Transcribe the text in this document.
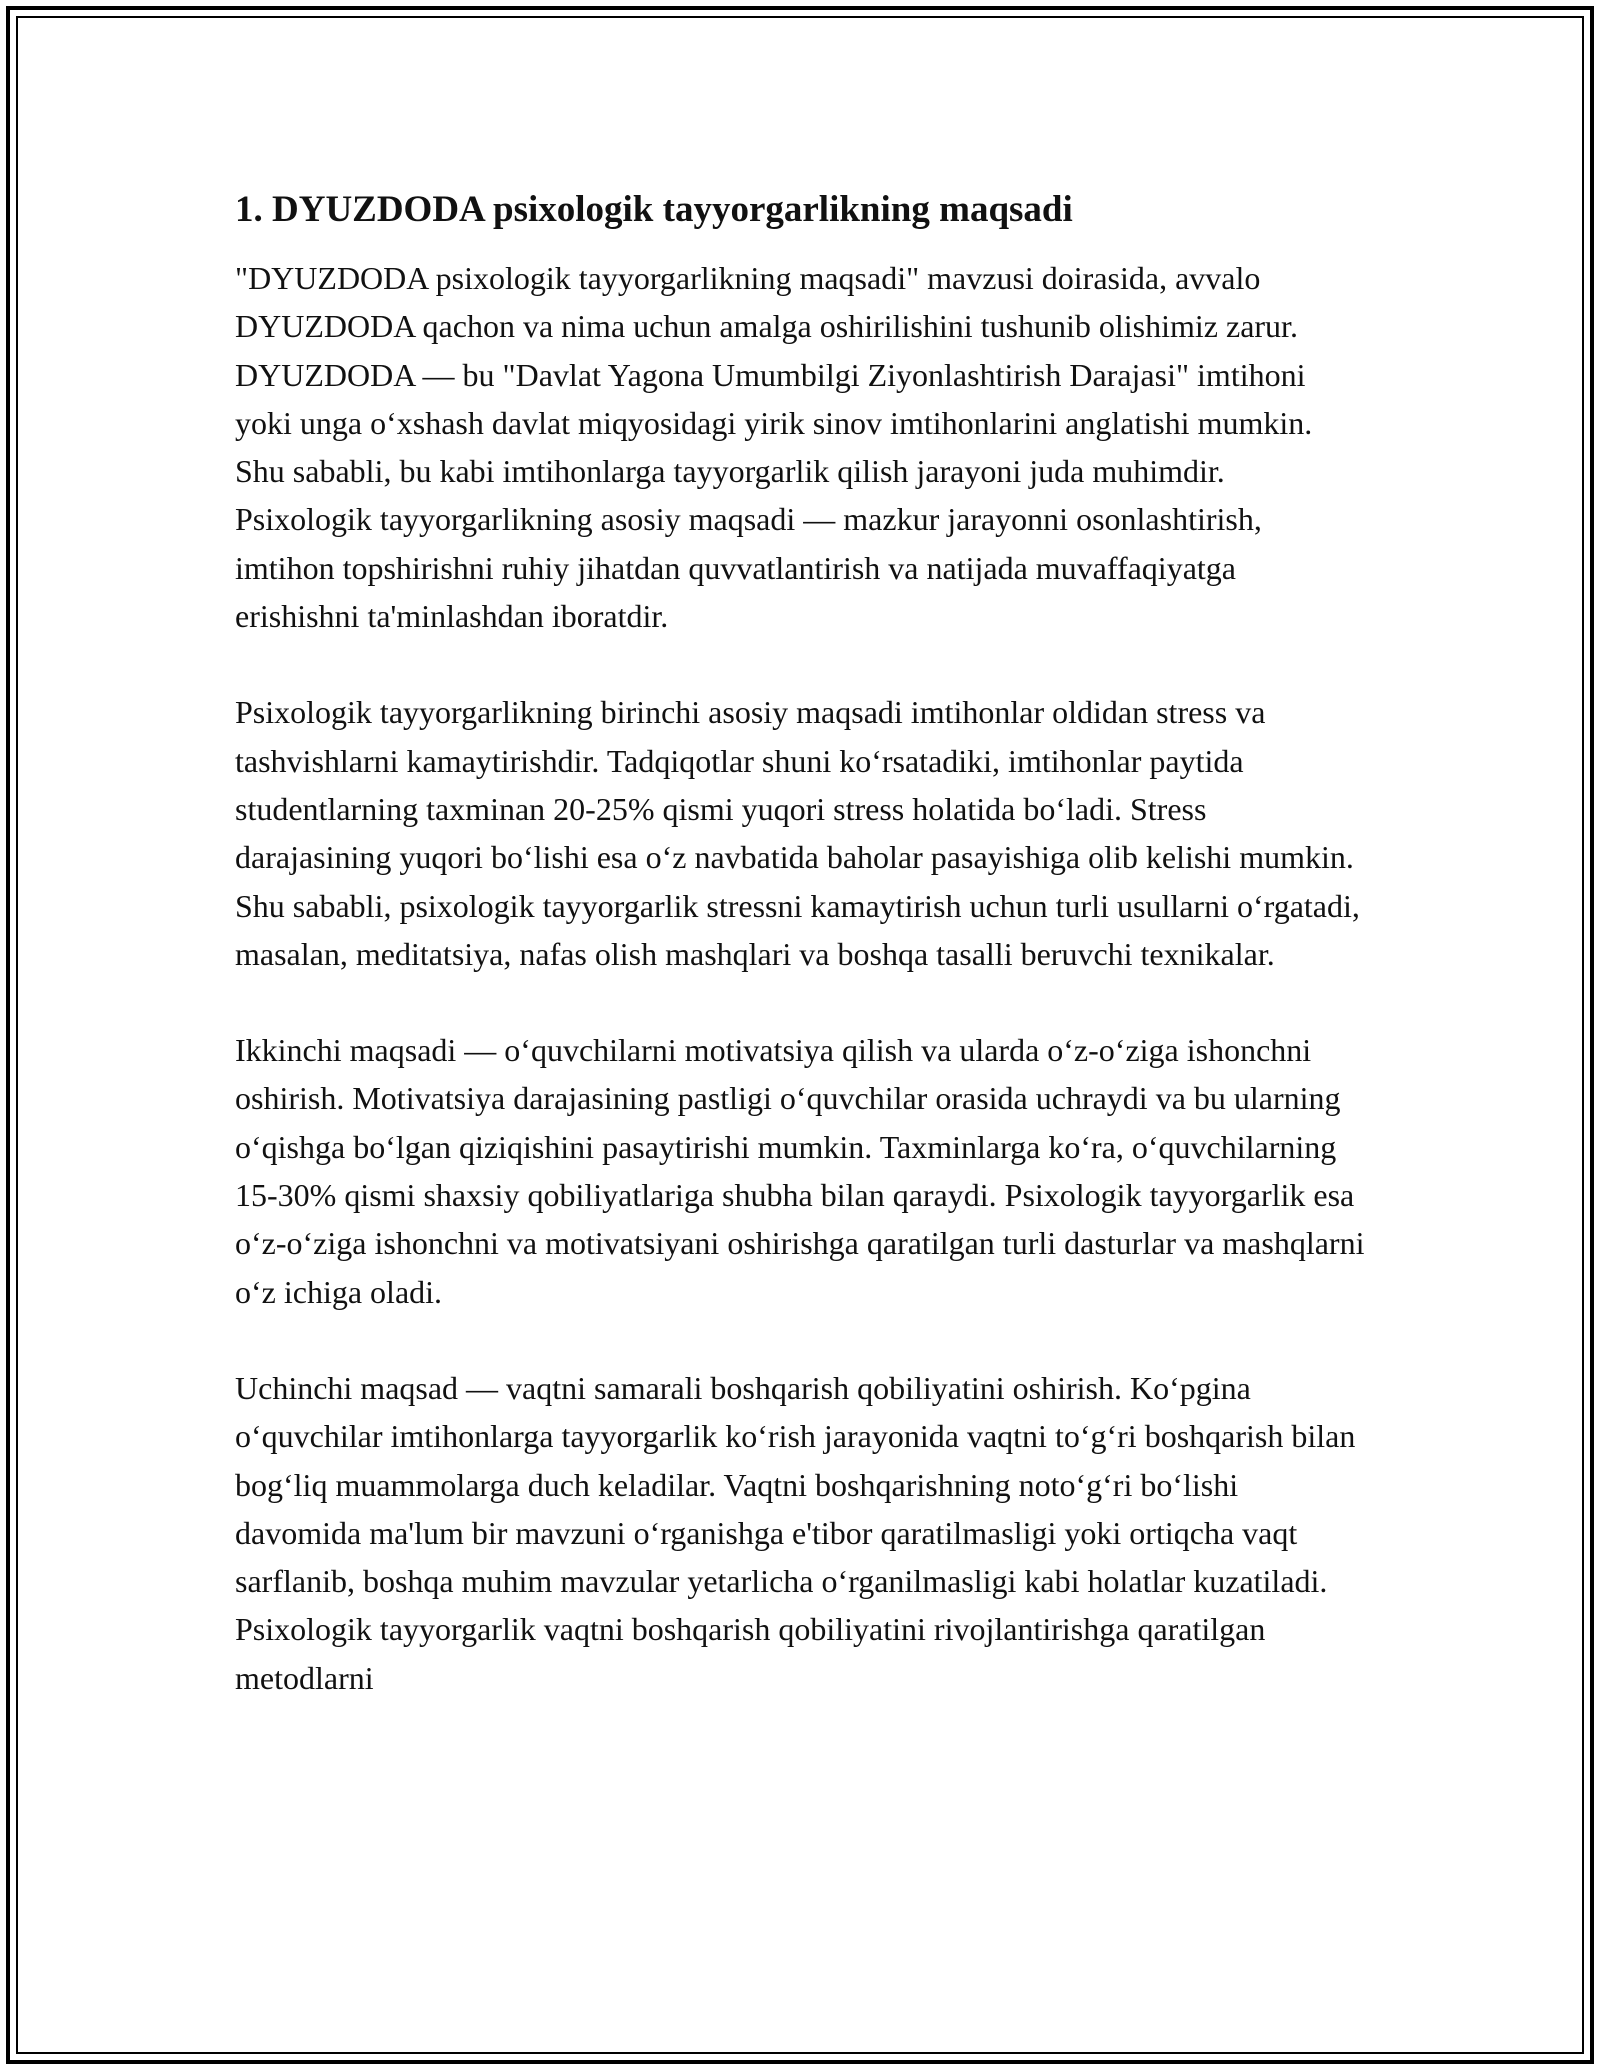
1. DYUZDODA psixologik tayyorgarlikning maqsadi

"DYUZDODA psixologik tayyorgarlikning maqsadi" mavzusi doirasida, avvalo DYUZDODA qachon va nima uchun amalga oshirilishini tushunib olishimiz zarur. DYUZDODA — bu "Davlat Yagona Umumbilgi Ziyonlashtirish Darajasi" imtihoni yoki unga o‘xshash davlat miqyosidagi yirik sinov imtihonlarini anglatishi mumkin. Shu sababli, bu kabi imtihonlarga tayyorgarlik qilish jarayoni juda muhimdir. Psixologik tayyorgarlikning asosiy maqsadi — mazkur jarayonni osonlashtirish, imtihon topshirishni ruhiy jihatdan quvvatlantirish va natijada muvaffaqiyatga erishishni ta'minlashdan iboratdir.

Psixologik tayyorgarlikning birinchi asosiy maqsadi imtihonlar oldidan stress va tashvishlarni kamaytirishdir. Tadqiqotlar shuni ko‘rsatadiki, imtihonlar paytida studentlarning taxminan 20-25% qismi yuqori stress holatida bo‘ladi. Stress darajasining yuqori bo‘lishi esa o‘z navbatida baholar pasayishiga olib kelishi mumkin. Shu sababli, psixologik tayyorgarlik stressni kamaytirish uchun turli usullarni o‘rgatadi, masalan, meditatsiya, nafas olish mashqlari va boshqa tasalli beruvchi texnikalar.

Ikkinchi maqsadi — o‘quvchilarni motivatsiya qilish va ularda o‘z-o‘ziga ishonchni oshirish. Motivatsiya darajasining pastligi o‘quvchilar orasida uchraydi va bu ularning o‘qishga bo‘lgan qiziqishini pasaytirishi mumkin. Taxminlarga ko‘ra, o‘quvchilarning 15-30% qismi shaxsiy qobiliyatlariga shubha bilan qaraydi. Psixologik tayyorgarlik esa o‘z-o‘ziga ishonchni va motivatsiyani oshirishga qaratilgan turli dasturlar va mashqlarni o‘z ichiga oladi.

Uchinchi maqsad — vaqtni samarali boshqarish qobiliyatini oshirish. Ko‘pgina o‘quvchilar imtihonlarga tayyorgarlik ko‘rish jarayonida vaqtni to‘g‘ri boshqarish bilan bog‘liq muammolarga duch keladilar. Vaqtni boshqarishning noto‘g‘ri bo‘lishi davomida ma'lum bir mavzuni o‘rganishga e'tibor qaratilmasligi yoki ortiqcha vaqt sarflanib, boshqa muhim mavzular yetarlicha o‘rganilmasligi kabi holatlar kuzatiladi. Psixologik tayyorgarlik vaqtni boshqarish qobiliyatini rivojlantirishga qaratilgan metodlarni
